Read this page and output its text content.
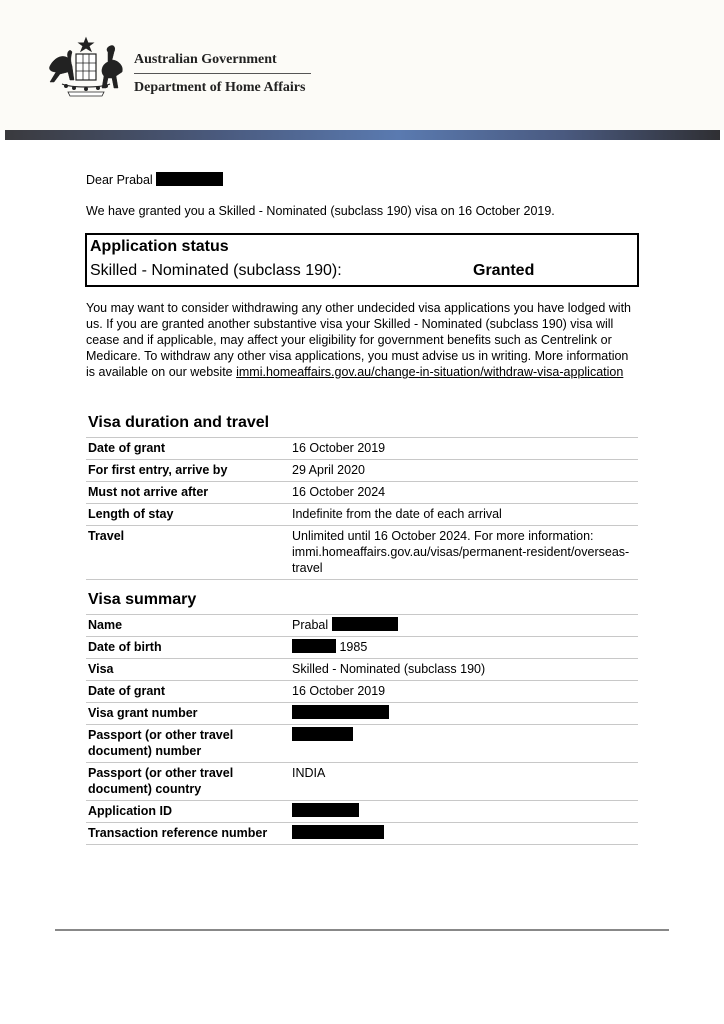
Australian Government
Department of Home Affairs
Dear Prabal
We have granted you a Skilled - Nominated (subclass 190) visa on 16 October 2019.
Application status
Skilled - Nominated (subclass 190):	Granted
You may want to consider withdrawing any other undecided visa applications you have lodged with us. If you are granted another substantive visa your Skilled - Nominated (subclass 190) visa will cease and if applicable, may affect your eligibility for government benefits such as Centrelink or Medicare. To withdraw any other visa applications, you must advise us in writing. More information is available on our website immi.homeaffairs.gov.au/change-in-situation/withdraw-visa-application
Visa duration and travel
Date of grant	16 October 2019
For first entry, arrive by	29 April 2020
Must not arrive after	16 October 2024
Length of stay	Indefinite from the date of each arrival
Travel	Unlimited until 16 October 2024. For more information: immi.homeaffairs.gov.au/visas/permanent-resident/overseas-travel
Visa summary
Name	Prabal
Date of birth	1985
Visa	Skilled - Nominated (subclass 190)
Date of grant	16 October 2019
Visa grant number	
Passport (or other travel document) number	
Passport (or other travel document) country	INDIA
Application ID	
Transaction reference number	
